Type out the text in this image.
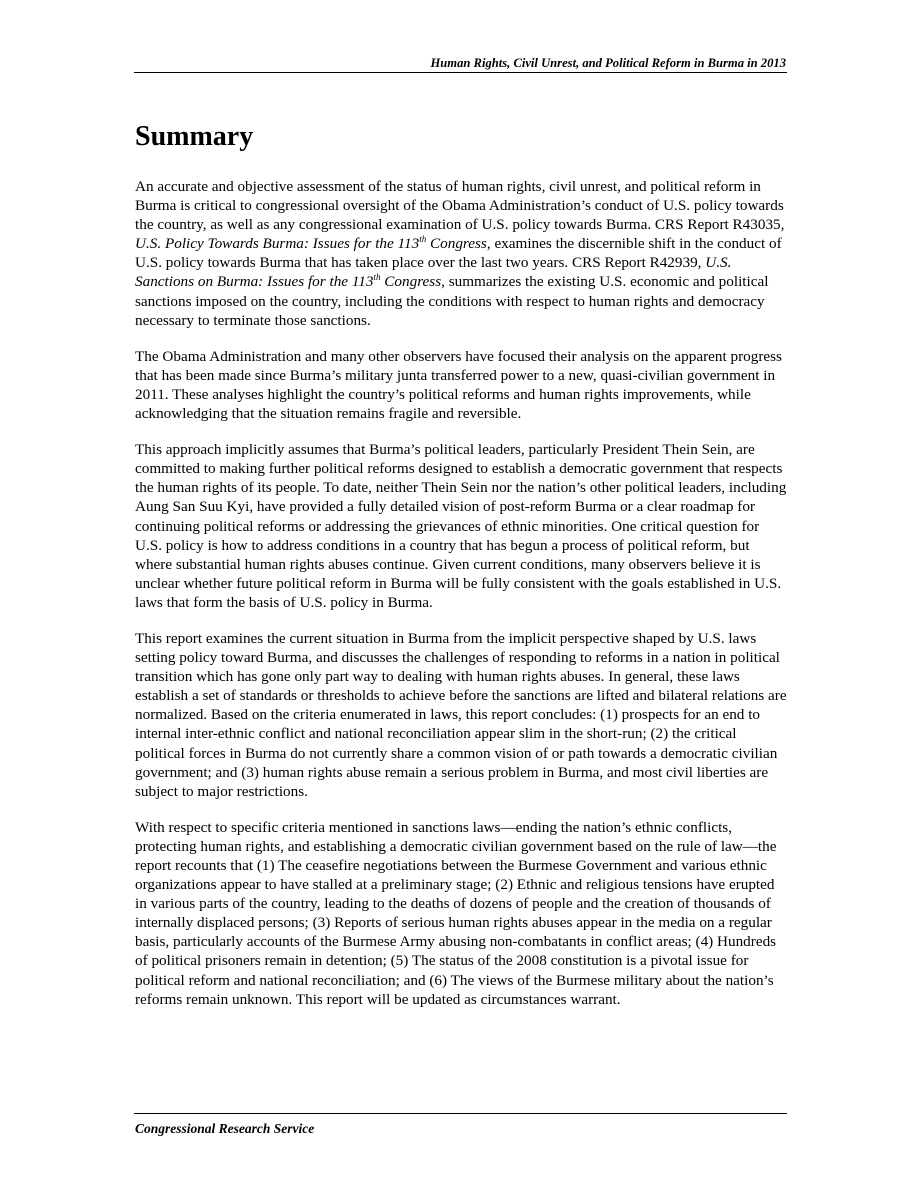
Human Rights, Civil Unrest, and Political Reform in Burma in 2013
Summary

An accurate and objective assessment of the status of human rights, civil unrest, and political reform in Burma is critical to congressional oversight of the Obama Administration’s conduct of U.S. policy towards the country, as well as any congressional examination of U.S. policy towards Burma. CRS Report R43035, U.S. Policy Towards Burma: Issues for the 113th Congress, examines the discernible shift in the conduct of U.S. policy towards Burma that has taken place over the last two years. CRS Report R42939, U.S. Sanctions on Burma: Issues for the 113th Congress, summarizes the existing U.S. economic and political sanctions imposed on the country, including the conditions with respect to human rights and democracy necessary to terminate those sanctions.

The Obama Administration and many other observers have focused their analysis on the apparent progress that has been made since Burma’s military junta transferred power to a new, quasi-civilian government in 2011. These analyses highlight the country’s political reforms and human rights improvements, while acknowledging that the situation remains fragile and reversible.

This approach implicitly assumes that Burma’s political leaders, particularly President Thein Sein, are committed to making further political reforms designed to establish a democratic government that respects the human rights of its people. To date, neither Thein Sein nor the nation’s other political leaders, including Aung San Suu Kyi, have provided a fully detailed vision of post-reform Burma or a clear roadmap for continuing political reforms or addressing the grievances of ethnic minorities. One critical question for U.S. policy is how to address conditions in a country that has begun a process of political reform, but where substantial human rights abuses continue. Given current conditions, many observers believe it is unclear whether future political reform in Burma will be fully consistent with the goals established in U.S. laws that form the basis of U.S. policy in Burma.

This report examines the current situation in Burma from the implicit perspective shaped by U.S. laws setting policy toward Burma, and discusses the challenges of responding to reforms in a nation in political transition which has gone only part way to dealing with human rights abuses. In general, these laws establish a set of standards or thresholds to achieve before the sanctions are lifted and bilateral relations are normalized. Based on the criteria enumerated in laws, this report concludes: (1) prospects for an end to internal inter-ethnic conflict and national reconciliation appear slim in the short-run; (2) the critical political forces in Burma do not currently share a common vision of or path towards a democratic civilian government; and (3) human rights abuse remain a serious problem in Burma, and most civil liberties are subject to major restrictions.

With respect to specific criteria mentioned in sanctions laws—ending the nation’s ethnic conflicts, protecting human rights, and establishing a democratic civilian government based on the rule of law—the report recounts that (1) The ceasefire negotiations between the Burmese Government and various ethnic organizations appear to have stalled at a preliminary stage; (2) Ethnic and religious tensions have erupted in various parts of the country, leading to the deaths of dozens of people and the creation of thousands of internally displaced persons; (3) Reports of serious human rights abuses appear in the media on a regular basis, particularly accounts of the Burmese Army abusing non-combatants in conflict areas; (4) Hundreds of political prisoners remain in detention; (5) The status of the 2008 constitution is a pivotal issue for political reform and national reconciliation; and (6) The views of the Burmese military about the nation’s reforms remain unknown. This report will be updated as circumstances warrant.

Congressional Research Service
